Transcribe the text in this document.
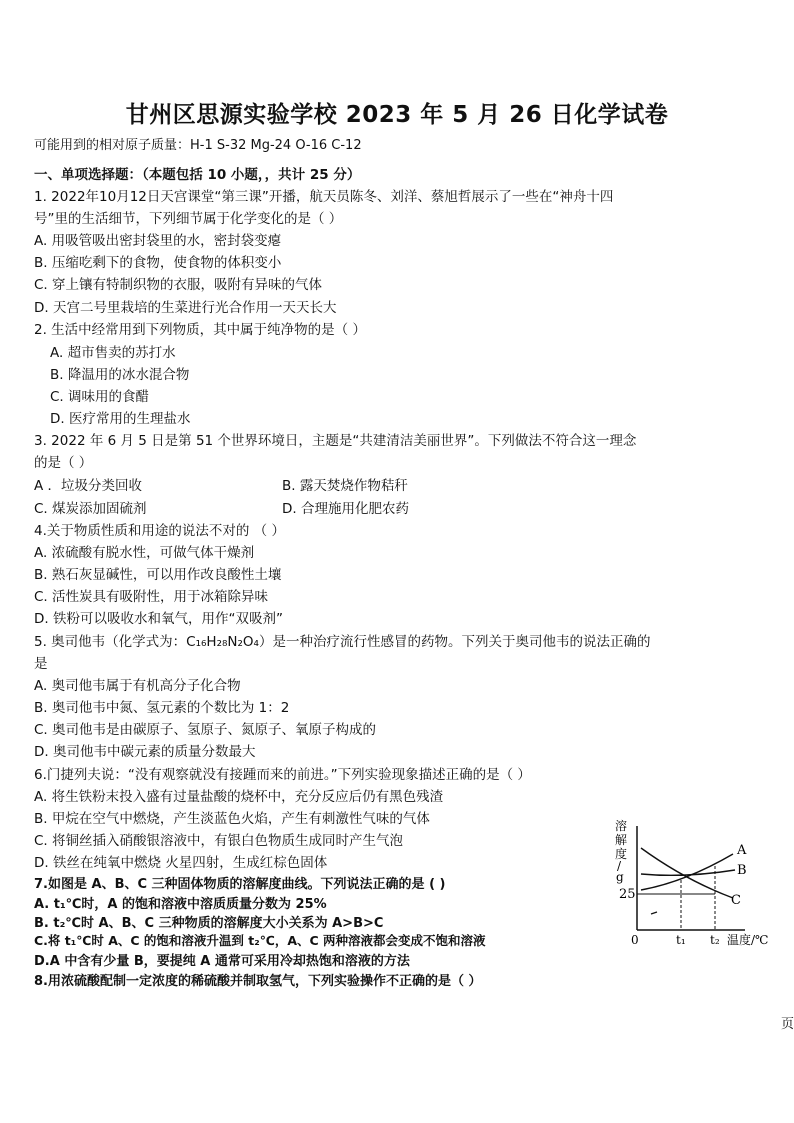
甘州区思源实验学校 2023 年 5 月 26 日化学试卷
可能用到的相对原子质量：H-1 S-32 Mg-24 O-16 C-12
一、单项选择题：（本题包括 10 小题，，共计 25 分）
1. 2022年10月12日天宫课堂“第三课”开播，航天员陈冬、刘洋、蔡旭哲展示了一些在“神舟十四
号”里的生活细节，下列细节属于化学变化的是（ ）
A. 用吸管吸出密封袋里的水，密封袋变瘪
B. 压缩吃剩下的食物，使食物的体积变小
C. 穿上镶有特制织物的衣服，吸附有异味的气体
D. 天宫二号里栽培的生菜进行光合作用一天天长大
2. 生活中经常用到下列物质，其中属于纯净物的是（ ）
A. 超市售卖的苏打水
B. 降温用的冰水混合物
C. 调味用的食醋
D. 医疗常用的生理盐水
3. 2022 年 6 月 5 日是第 51 个世界环境日，主题是“共建清洁美丽世界”。下列做法不符合这一理念
的是（ ）
A ．垃圾分类回收	B. 露天焚烧作物秸秆
C. 煤炭添加固硫剂	D. 合理施用化肥农药
4.关于物质性质和用途的说法不对的 （ ）
A. 浓硫酸有脱水性，可做气体干燥剂
B. 熟石灰显碱性，可以用作改良酸性土壤
C. 活性炭具有吸附性，用于冰箱除异味
D. 铁粉可以吸收水和氧气，用作“双吸剂”
5. 奥司他韦（化学式为：C₁₆H₂₈N₂O₄）是一种治疗流行性感冒的药物。下列关于奥司他韦的说法正确的
是
A. 奥司他韦属于有机高分子化合物
B. 奥司他韦中氮、氢元素的个数比为 1：2
C. 奥司他韦是由碳原子、氢原子、氮原子、氧原子构成的
D. 奥司他韦中碳元素的质量分数最大
6.门捷列夫说：“没有观察就没有接踵而来的前进。”下列实验现象描述正确的是（ ）
A. 将生铁粉末投入盛有过量盐酸的烧杯中，充分反应后仍有黑色残渣
B. 甲烷在空气中燃烧，产生淡蓝色火焰，产生有刺激性气味的气体
C. 将铜丝插入硝酸银溶液中，有银白色物质生成同时产生气泡
D. 铁丝在纯氧中燃烧 火星四射，生成红棕色固体
7.如图是 A、B、C 三种固体物质的溶解度曲线。下列说法正确的是 ( )
A. t₁℃时，A 的饱和溶液中溶质质量分数为 25%
B. t₂℃时 A、B、C 三种物质的溶解度大小关系为 A>B>C
C.将 t₁℃时 A、C 的饱和溶液升温到 t₂℃，A、C 两种溶液都会变成不饱和溶液
D.A 中含有少量 B，要提纯 A 通常可采用冷却热饱和溶液的方法
8.用浓硫酸配制一定浓度的稀硫酸并制取氢气，下列实验操作不正确的是（ ）
溶
解
度
/
g
25
A
B
C
0	t₁ t₂ 温度/℃
页
